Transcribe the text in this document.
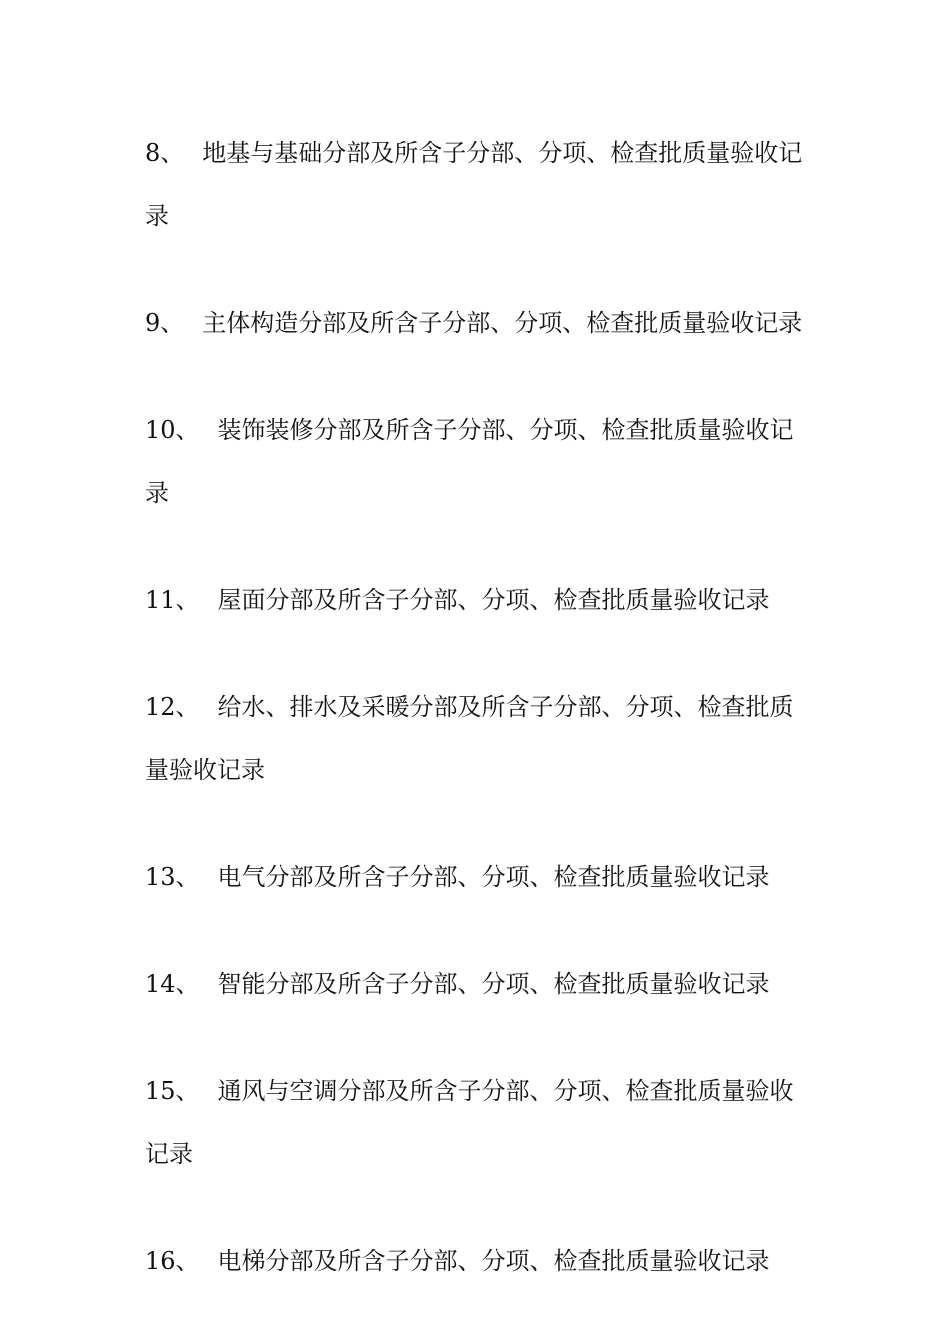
8、 地基与基础分部及所含子分部、分项、检查批质量验收记录

9、 主体构造分部及所含子分部、分项、检查批质量验收记录

10、 装饰装修分部及所含子分部、分项、检查批质量验收记录

11、 屋面分部及所含子分部、分项、检查批质量验收记录

12、 给水、排水及采暖分部及所含子分部、分项、检查批质量验收记录

13、 电气分部及所含子分部、分项、检查批质量验收记录

14、 智能分部及所含子分部、分项、检查批质量验收记录

15、 通风与空调分部及所含子分部、分项、检查批质量验收记录

16、 电梯分部及所含子分部、分项、检查批质量验收记录
